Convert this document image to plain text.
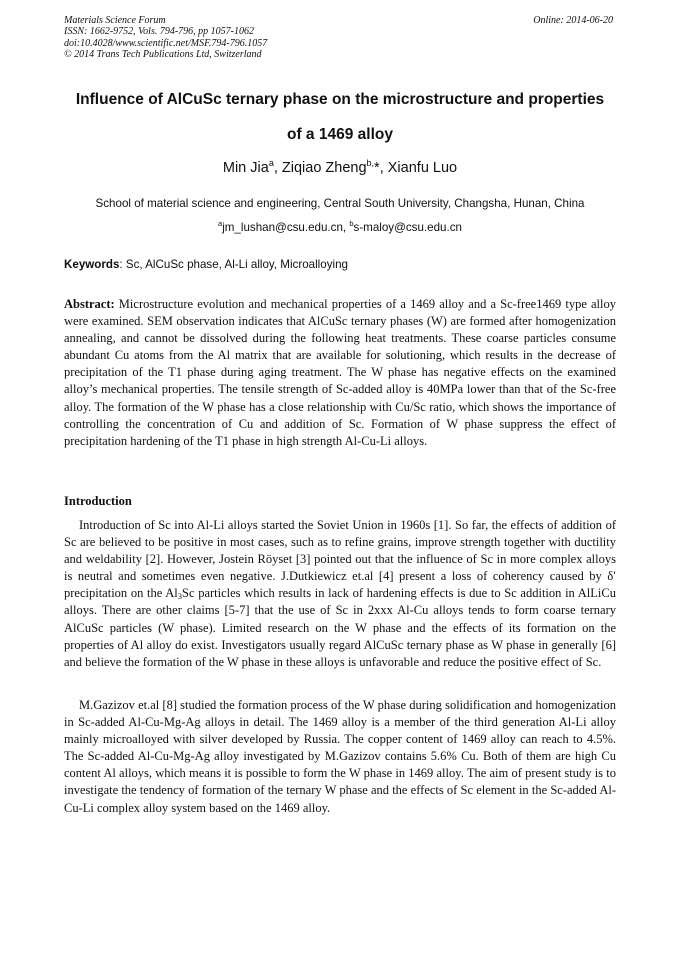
Materials Science Forum
ISSN: 1662-9752, Vols. 794-796, pp 1057-1062
doi:10.4028/www.scientific.net/MSF.794-796.1057
© 2014 Trans Tech Publications Ltd, Switzerland
Online: 2014-06-20
Influence of AlCuSc ternary phase on the microstructure and properties
of a 1469 alloy
Min Jia$^a$, Ziqiao Zheng$^{b,}$*, Xianfu Luo
School of material science and engineering, Central South University, Changsha, Hunan, China
$^a$jm_lushan@csu.edu.cn, $^b$s-maloy@csu.edu.cn
Keywords: Sc, AlCuSc phase, Al-Li alloy, Microalloying
Abstract: Microstructure evolution and mechanical properties of a 1469 alloy and a Sc-free1469 type alloy were examined. SEM observation indicates that AlCuSc ternary phases (W) are formed after homogenization annealing, and cannot be dissolved during the following heat treatments. These coarse particles consume abundant Cu atoms from the Al matrix that are available for solutioning, which results in the decrease of precipitation of the T1 phase during aging treatment. The W phase has negative effects on the examined alloy’s mechanical properties. The tensile strength of Sc-added alloy is 40MPa lower than that of the Sc-free alloy. The formation of the W phase has a close relationship with Cu/Sc ratio, which shows the importance of controlling the concentration of Cu and addition of Sc. Formation of W phase suppress the effect of precipitation hardening of the T1 phase in high strength Al-Cu-Li alloys.
Introduction
Introduction of Sc into Al-Li alloys started the Soviet Union in 1960s [1]. So far, the effects of addition of Sc are believed to be positive in most cases, such as to refine grains, improve strength together with ductility and weldability [2]. However, Jostein Röyset [3] pointed out that the influence of Sc in more complex alloys is neutral and sometimes even negative. J.Dutkiewicz et.al [4] present a loss of coherency caused by δ′ precipitation on the $Al_3Sc$ particles which results in lack of hardening effects is due to Sc addition in AlLiCu alloys. There are other claims [5-7] that the use of Sc in 2xxx Al-Cu alloys tends to form coarse ternary AlCuSc particles (W phase). Limited research on the W phase and the effects of its formation on the properties of Al alloy do exist. Investigators usually regard AlCuSc ternary phase as W phase in generally [6] and believe the formation of the W phase in these alloys is unfavorable and reduce the positive effect of Sc.
M.Gazizov et.al [8] studied the formation process of the W phase during solidification and homogenization in Sc-added Al-Cu-Mg-Ag alloys in detail. The 1469 alloy is a member of the third generation Al-Li alloy mainly microalloyed with silver developed by Russia. The copper content of 1469 alloy can reach to 4.5%. The Sc-added Al-Cu-Mg-Ag alloy investigated by M.Gazizov contains 5.6% Cu. Both of them are high Cu content Al alloys, which means it is possible to form the W phase in 1469 alloy. The aim of present study is to investigate the tendency of formation of the ternary W phase and the effects of Sc element in the Sc-added Al-Cu-Li complex alloy system based on the 1469 alloy.
